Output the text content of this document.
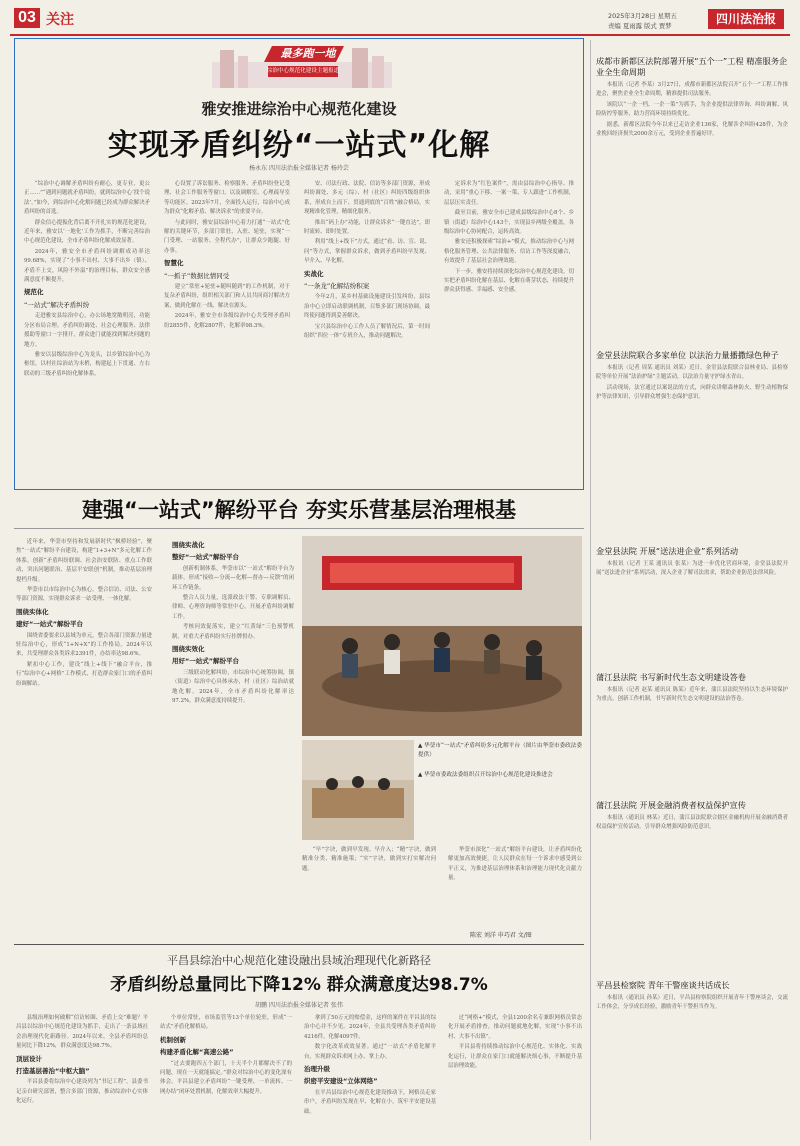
03 关注	2025年3月28日 星期五
责编 夏雨露 版式 贾梦	四川法治报
最多跑一地
综治中心规范化建设主题报道
雅安推进综治中心规范化建设
实现矛盾纠纷“一站式”化解
杨永东 四川法治报全媒体记者 杨玲芸

“综治中心调解矛盾纠纷有耐心，更专业，更公正……”“遇到问题就矛盾纠纷，就到综治中心‘找个说法’。”如今，到综治中心化解问题已经成为群众解决矛盾纠纷的首选。

群众信心提振化背后离不开扎实的规范化建设，近年来，雅安以‘一地化’工作为抓手，不断完善综治中心规范化建设，全市矛盾纠纷化解成效显著。

2024年，雅安全市矛盾纠纷调解成功率达99.68%，实现了“小事不出村、大事不出乡（镇）、矛盾不上交，风险不外溢”的治理目标，群众安全感满意度不断提升。

规范化
“一站式”解决矛盾纠纷

走进雅安县综治中心，办公场地宽敞明亮，功能分区布局合理。矛盾纠纷调处、社会心理服务、法律援助等窗口一字排开，群众进门就能找到解决问题的地方。

雅安以县级综治中心为龙头，以乡镇综治中心为枢纽，以村社综治站为末梢，构建起上下贯通、左右联动的三级矛盾纠纷化解体系。

心设置了诉讼服务、检察服务、矛盾纠纷登记受理、社会工作服务等窗口，以及调解室、心理疏导室等功能区。2023年7月，全面投入运行，综治中心成为群众“化解矛盾、解决诉求”的重要平台。

与此同时，雅安县综治中心着力打通“一站式”化解的关键环节，多部门常驻、入驻、轮驻，实现“一门受理、一站服务、全程代办”，让群众少跑腿、好办事。

智慧化
“一抓子”数据比情同受

建立“常驻+轮驻+随叫随到”的工作机制，对于复杂矛盾纠纷，组织相关部门和人员共同商讨解决方案，做到化解在一线、解决在源头。

2024年，雅安全市各级综治中心共受理矛盾纠纷2855件，化解2807件，化解率98.3%。

安、司法行政、法院、信访等多部门资源，形成纠纷调处、多元（综）、村（社区）纠纷四级组织体系，形成自上而下、贯通到底的“百姓”融合格局，实现精准化管理，精细化服务。

推出“码上办”功能，让群众诉求“一键直达”，即时流转、即时处置。

利用“线上+线下”方式，通过“看、访、宣、说、问”等方式，掌握群众诉求，做到矛盾纠纷早发现、早介入、早化解。

实战化
“一条龙”化解结纷积案

今年2月，某乡村基础设施建设引发纠纷，县综治中心立即启动联调机制，召集多部门现场协调，最终使问题得到妥善解决。

宝兴县综治中心工作人员了解情况后，第一时间组织“四位一体”专班介入，推动问题解决。

定诉求为“红色案件”，需由县综治中心指导、推动，采用“重心下移、一案一策、专人跟进”工作机制，层层压实责任。

截至目前，雅安全市已建成县级综治中心8个、乡镇（街道）综治中心143个，实现县乡两级全覆盖，各级综治中心协同配合，运转高效。

雅安还积极探索“综治+”模式，推动综治中心与网格化服务管理、公共法律服务、信访工作等深度融合，有效提升了基层社会治理效能。

下一步，雅安将持续深化综治中心规范化建设，切实把矛盾纠纷化解在基层、化解在萌芽状态，持续提升群众获得感、幸福感、安全感。

建强“一站式”解纷平台 夯实乐营基层治理根基

近年来，华蓥市坚持和发展新时代“枫桥经验”，聚焦“一站式”解纷平台建设，构建“1+3+N”多元化解工作体系，创新“矛盾纠纷联调、社会治安联防、重点工作联动、突出问题联治、基层平安联创”机制，推动基层治理提档升级。

华蓥市以市综治中心为核心，整合信访、司法、公安等部门资源，实现群众诉求一站受理、一体化解。

围绕实体化
建好“一站式”解纷平台

围绕省委要求以县域为单元，整合各部门资源力量进驻综治中心，形成“1+N+X”的工作格局。2024年以来，共受理群众各类诉求2391件，办结率达98.6%。

紧扣中心工作，建设“线上+线下”融合平台，推行“综治中心+网格”工作模式，打造群众家门口的矛盾纠纷调解站。

围绕实战化
整好“一站式”解纷平台

创新机制体系，华蓥市以“一站式”解纷平台为载体，形成“接收—分流—化解—督办—反馈”的闭环工作链条。

整合人员力量，选派政法干警、专职调解员、律师、心理咨询师等常驻中心，开展矛盾纠纷调解工作。

考核问效促落实，建立“红黄绿”三色预警机制，对重大矛盾纠纷实行挂牌督办。

围绕实效化
用好“一站式”解纷平台

三级联动化解纠纷，市综治中心统筹协调，镇（街道）综治中心具体承办，村（社区）综治站就地化解。2024年，全市矛盾纠纷化解率达97.2%，群众满意度持续提升。

▲ 华蓥市“一站式”矛盾纠纷多元化解平台（图片由华蓥市委政法委提供）

▲ 华蓥市委政法委组织召开综治中心规范化建设推进会

“早”字诀，做到早发现、早介入；“精”字诀，做到精准分类、精准施策；“实”字诀，做到实打实解决问题。

华蓥市深化“一站式”解纷平台建设，让矛盾纠纷化解更加高效便捷，让人民群众在每一个诉求中感受到公平正义，为推进基层治理体系和治理能力现代化贡献力量。

陈宏 刘洋 申巧君 文/图
平昌县综治中心规范化建设融出县域治理现代化新路径
矛盾纠纷总量同比下降12% 群众满意度达98.7%
胡鹏 四川法治报全媒体记者 张伟

县级治理如何破解“信访转圈、矛盾上交”难题？平昌县以综治中心规范化建设为抓手，走出了一条县域社会治理现代化新路径。2024年以来，全县矛盾纠纷总量同比下降12%，群众满意度达98.7%。

顶层设计
打造基层善治“中枢大脑”

平昌县委将综治中心建设列为“书记工程”，县委书记亲自研究部署，整合多部门资源，推动综治中心实体化运行。

个单位常驻，市场监管等13个单位轮驻，形成“一站式”矛盾化解格局。

机制创新
构建矛盾化解“高速公路”

“过去要跑四五个部门，十天半个月都解决不了的问题，现在一天就能搞定。”群众对综治中心的变化深有体会。平昌县建立矛盾纠纷“一键受理、一单流转、一网办结”闭环处置机制，化解效率大幅提升。

拿到了50万元的赔偿金，这样的案件在平昌县的综治中心并不少见。2024年，全县共受理各类矛盾纠纷4216件，化解4097件。

数字化改革成效显著。通过“一站式”矛盾化解平台，实现群众诉求网上办、掌上办。

治理升级
织密平安建设“立体网络”

在平昌县综治中心规范化建设推动下，网格员走家串户，矛盾纠纷发现在早、化解在小，筑牢平安建设基础。

过“网格+”模式，全县1200余名专兼职网格员常态化开展矛盾排查，推动问题就地化解，实现“小事不出村、大事不出镇”。

平昌县将持续推动综治中心规范化、实体化、实战化运行，让群众在家门口就能解决烦心事，不断提升基层治理效能。

成都市新都区法院部署开展“五个一”工程 精准服务企业全生命周期

本报讯（记者 李某）3月27日，成都市新都区法院召开“五个一”工程工作推进会，聚焦企业全生命周期，精准提供司法服务。

该院以“一企一档、一企一策”为抓手，为企业提供法律咨询、纠纷调解、风险防控等服务，助力营商环境持续优化。

据悉，新都区法院今年以来已走访企业136家，化解涉企纠纷428件，为企业挽回经济损失2000余万元，受到企业普遍好评。

金堂县法院联合多家单位 以法治力量播撒绿色种子

本报讯（记者 周某 通讯员 刘某）近日，金堂县法院联合县林业局、县检察院等单位开展“法治护绿”主题活动，以法治力量守护绿水青山。

活动现场，法官通过以案说法的方式，向群众讲解森林防火、野生动植物保护等法律知识，引导群众增强生态保护意识。

金堂县法院 开展“送法进企业”系列活动

本报讯（记者 王某 通讯员 张某）为进一步优化营商环境，金堂县法院开展“送法进企业”系列活动，深入企业了解司法需求，帮助企业防范法律风险。

蒲江县法院 书写新时代生态文明建设答卷

本报讯（记者 赵某 通讯员 陈某）近年来，蒲江县法院坚持以生态环境保护为重点，创新工作机制，书写新时代生态文明建设的法治答卷。

蒲江县法院 开展金融消费者权益保护宣传

本报讯（通讯员 林某）近日，蒲江县法院联合辖区金融机构开展金融消费者权益保护宣传活动，引导群众增强风险防范意识。

平昌县检察院 青年干警座谈共话成长

本报讯（通讯员 孙某）近日，平昌县检察院组织开展青年干警座谈会，交流工作体会，分享成长经验，激励青年干警担当作为。
